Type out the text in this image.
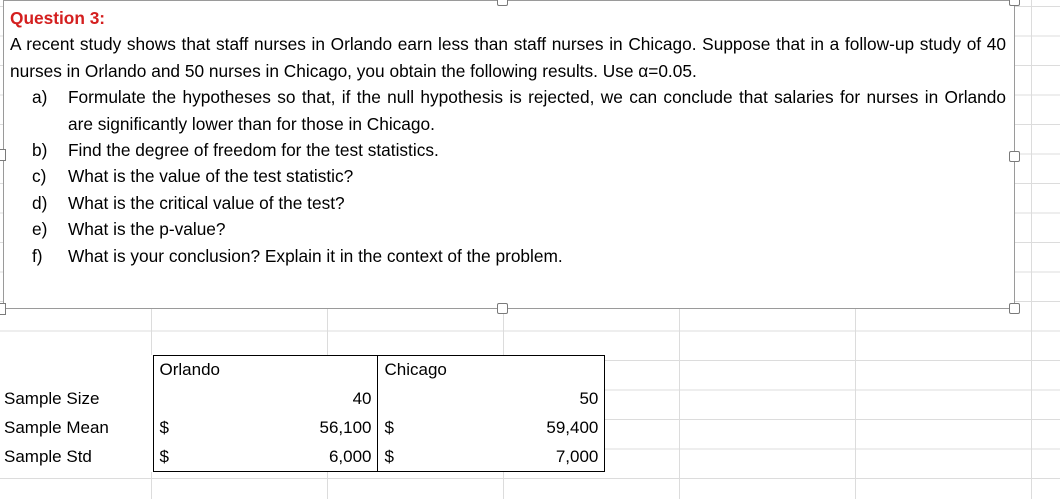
Question 3:

A recent study shows that staff nurses in Orlando earn less than staff nurses in Chicago. Suppose that in a follow-up study of 40 nurses in Orlando and 50 nurses in Chicago, you obtain the following results. Use α=0.05.

a)	Formulate the hypotheses so that, if the null hypothesis is rejected, we can conclude that salaries for nurses in Orlando are significantly lower than for those in Chicago.
b)	Find the degree of freedom for the test statistics.
c)	What is the value of the test statistic?
d)	What is the critical value of the test?
e)	What is the p-value?
f)	What is your conclusion? Explain it in the context of the problem.
	Orlando		Chicago	
Sample Size		40		50
Sample Mean	$	56,100	$	59,400
Sample Std	$	6,000	$	7,000
